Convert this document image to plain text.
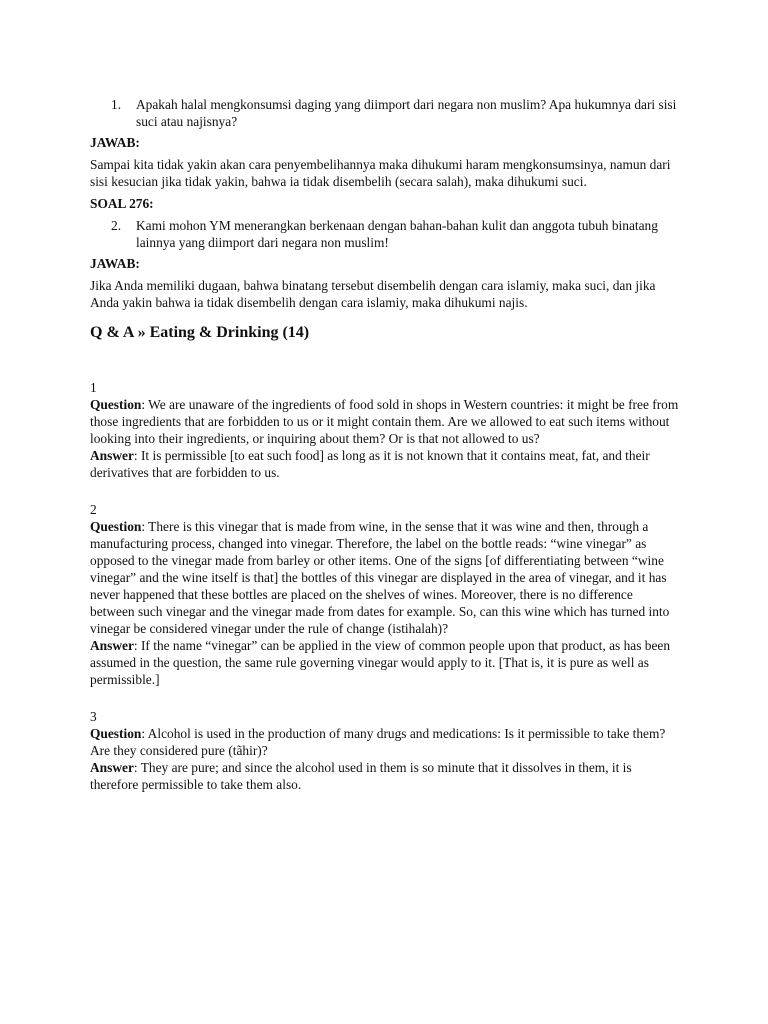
1.	Apakah halal mengkonsumsi daging yang diimport dari negara non muslim? Apa hukumnya dari sisi suci atau najisnya?

JAWAB:

Sampai kita tidak yakin akan cara penyembelihannya maka dihukumi haram mengkonsumsinya, namun dari sisi kesucian jika tidak yakin, bahwa ia tidak disembelih (secara salah), maka dihukumi suci.

SOAL 276:

2.	Kami mohon YM menerangkan berkenaan dengan bahan-bahan kulit dan anggota tubuh binatang lainnya yang diimport dari negara non muslim!

JAWAB:

Jika Anda memiliki dugaan, bahwa binatang tersebut disembelih dengan cara islamiy, maka suci, dan jika Anda yakin bahwa ia tidak disembelih dengan cara islamiy, maka dihukumi najis.

Q & A » Eating & Drinking (14)

1

Question: We are unaware of the ingredients of food sold in shops in Western countries: it might be free from those ingredients that are forbidden to us or it might contain them. Are we allowed to eat such items without looking into their ingredients, or inquiring about them? Or is that not allowed to us?

Answer: It is permissible [to eat such food] as long as it is not known that it contains meat, fat, and their derivatives that are forbidden to us.

2

Question: There is this vinegar that is made from wine, in the sense that it was wine and then, through a manufacturing process, changed into vinegar. Therefore, the label on the bottle reads: “wine vinegar” as opposed to the vinegar made from barley or other items. One of the signs [of differentiating between “wine vinegar” and the wine itself is that] the bottles of this vinegar are displayed in the area of vinegar, and it has never happened that these bottles are placed on the shelves of wines. Moreover, there is no difference between such vinegar and the vinegar made from dates for example. So, can this wine which has turned into vinegar be considered vinegar under the rule of change (istihalah)?

Answer: If the name “vinegar” can be applied in the view of common people upon that product, as has been assumed in the question, the same rule governing vinegar would apply to it. [That is, it is pure as well as permissible.]

3

Question: Alcohol is used in the production of many drugs and medications: Is it permissible to take them? Are they considered pure (tãhir)?

Answer: They are pure; and since the alcohol used in them is so minute that it dissolves in them, it is therefore permissible to take them also.
